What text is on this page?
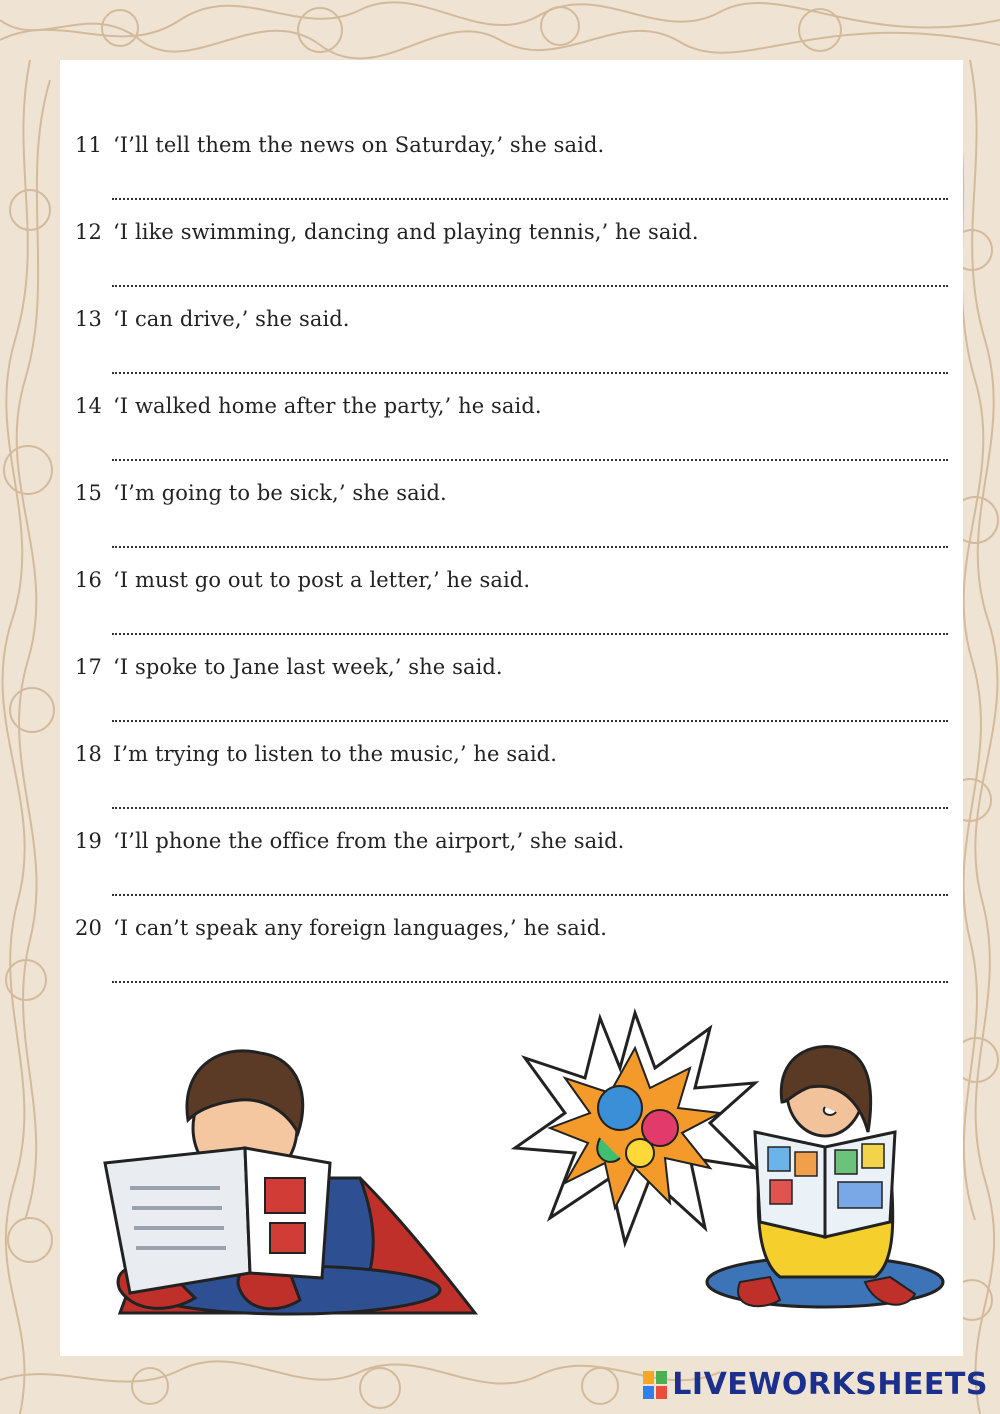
11 ‘I’ll tell them the news on Saturday,’ she said.
12 ‘I like swimming, dancing and playing tennis,’ he said.
13 ‘I can drive,’ she said.
14 ‘I walked home after the party,’ he said.
15 ‘I’m going to be sick,’ she said.
16 ‘I must go out to post a letter,’ he said.
17 ‘I spoke to Jane last week,’ she said.
18 I’m trying to listen to the music,’ he said.
19 ‘I’ll phone the office from the airport,’ she said.
20 ‘I can’t speak any foreign languages,’ he said.
LIVEWORKSHEETS
